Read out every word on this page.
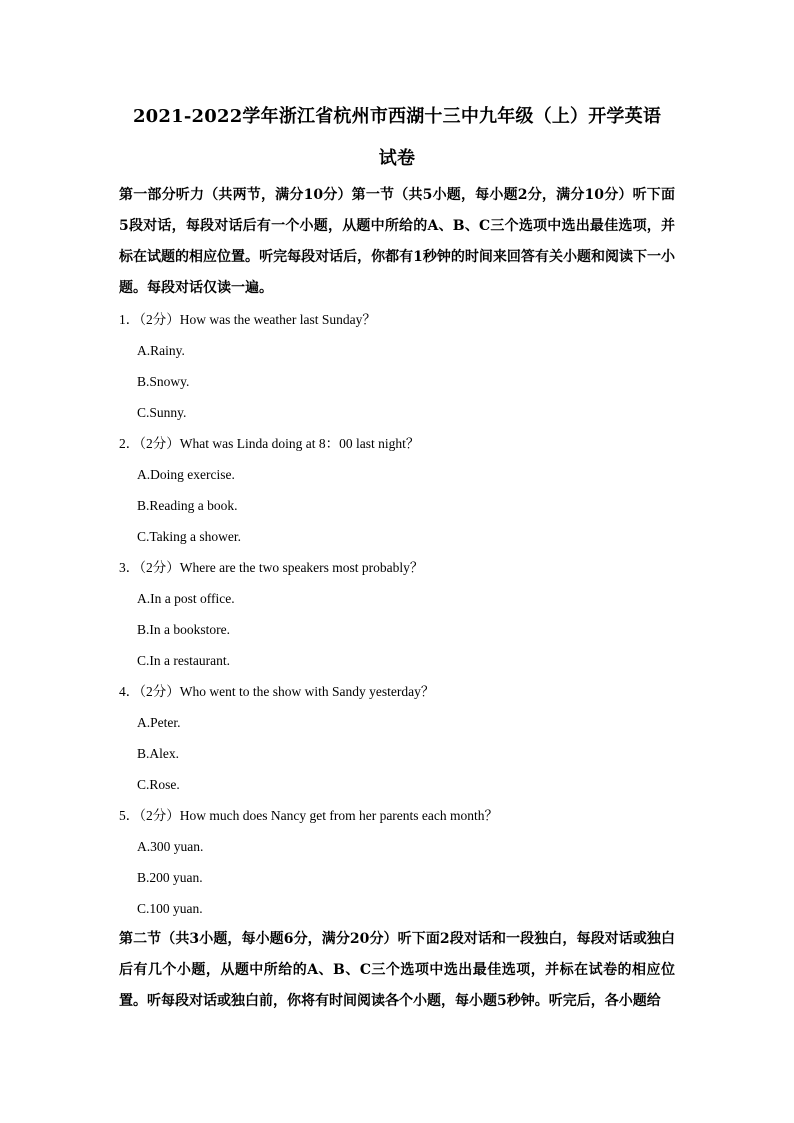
2021-2022学年浙江省杭州市西湖十三中九年级（上）开学英语

试卷

第一部分听力（共两节，满分10分）第一节（共5小题，每小题2分，满分10分）听下面5段对话，每段对话后有一个小题，从题中所给的A、B、C三个选项中选出最佳选项，并标在试题的相应位置。听完每段对话后，你都有1秒钟的时间来回答有关小题和阅读下一小题。每段对话仅读一遍。

1．（2分）How was the weather last Sunday？

A.Rainy.
B.Snowy.
C.Sunny.

2．（2分）What was Linda doing at 8：00 last night？

A.Doing exercise.
B.Reading a book.
C.Taking a shower.

3．（2分）Where are the two speakers most probably？

A.In a post office.
B.In a bookstore.
C.In a restaurant.

4．（2分）Who went to the show with Sandy yesterday？

A.Peter.
B.Alex.
C.Rose.

5．（2分）How much does Nancy get from her parents each month？

A.300 yuan.
B.200 yuan.
C.100 yuan.

第二节（共3小题，每小题6分，满分20分）听下面2段对话和一段独白，每段对话或独白后有几个小题，从题中所给的A、B、C三个选项中选出最佳选项，并标在试卷的相应位置。听每段对话或独白前，你将有时间阅读各个小题，每小题5秒钟。听完后，各小题给
